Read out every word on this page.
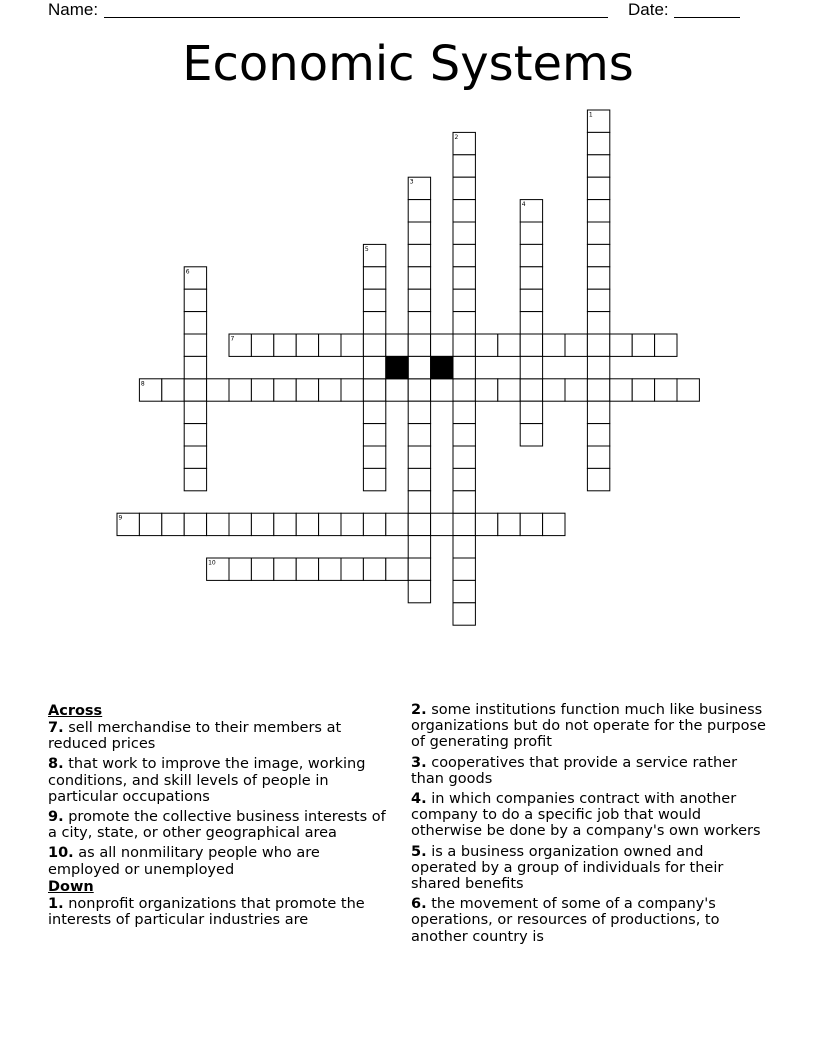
Name:	Date:
Economic Systems
7
8
9
10
1
2
3
4
5
6
Across

7. sell merchandise to their members at reduced prices

8. that work to improve the image, working conditions, and skill levels of people in particular occupations

9. promote the collective business interests of a city, state, or other geographical area

10. as all nonmilitary people who are employed or unemployed

Down

1. nonprofit organizations that promote the interests of particular industries are

2. some institutions function much like business organizations but do not operate for the purpose of generating profit

3. cooperatives that provide a service rather than goods

4. in which companies contract with another company to do a specific job that would otherwise be done by a company's own workers

5. is a business organization owned and operated by a group of individuals for their shared benefits

6. the movement of some of a company's operations, or resources of productions, to another country is
